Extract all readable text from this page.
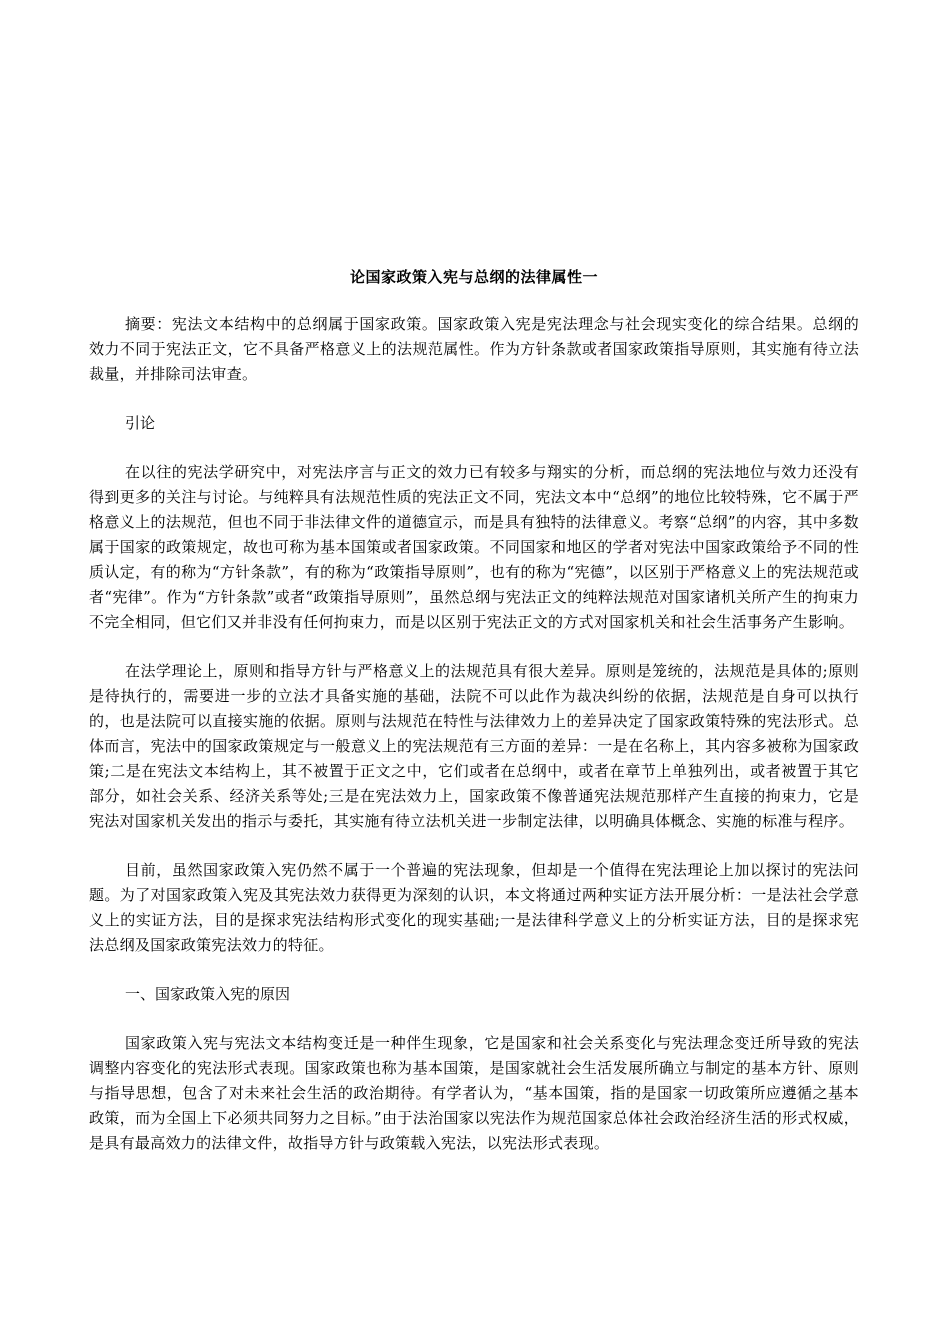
论国家政策入宪与总纲的法律属性一

摘要：宪法文本结构中的总纲属于国家政策。国家政策入宪是宪法理念与社会现实变化的综合结果。总纲的效力不同于宪法正文，它不具备严格意义上的法规范属性。作为方针条款或者国家政策指导原则，其实施有待立法裁量，并排除司法审查。

引论

在以往的宪法学研究中，对宪法序言与正文的效力已有较多与翔实的分析，而总纲的宪法地位与效力还没有得到更多的关注与讨论。与纯粹具有法规范性质的宪法正文不同，宪法文本中“总纲”的地位比较特殊，它不属于严格意义上的法规范，但也不同于非法律文件的道德宣示，而是具有独特的法律意义。考察“总纲”的内容，其中多数属于国家的政策规定，故也可称为基本国策或者国家政策。不同国家和地区的学者对宪法中国家政策给予不同的性质认定，有的称为“方针条款”，有的称为“政策指导原则”，也有的称为“宪德”，以区别于严格意义上的宪法规范或者“宪律”。作为“方针条款”或者“政策指导原则”，虽然总纲与宪法正文的纯粹法规范对国家诸机关所产生的拘束力不完全相同，但它们又并非没有任何拘束力，而是以区别于宪法正文的方式对国家机关和社会生活事务产生影响。

在法学理论上，原则和指导方针与严格意义上的法规范具有很大差异。原则是笼统的，法规范是具体的;原则是待执行的，需要进一步的立法才具备实施的基础，法院不可以此作为裁决纠纷的依据，法规范是自身可以执行的，也是法院可以直接实施的依据。原则与法规范在特性与法律效力上的差异决定了国家政策特殊的宪法形式。总体而言，宪法中的国家政策规定与一般意义上的宪法规范有三方面的差异：一是在名称上，其内容多被称为国家政策;二是在宪法文本结构上，其不被置于正文之中，它们或者在总纲中，或者在章节上单独列出，或者被置于其它部分，如社会关系、经济关系等处;三是在宪法效力上，国家政策不像普通宪法规范那样产生直接的拘束力，它是宪法对国家机关发出的指示与委托，其实施有待立法机关进一步制定法律，以明确具体概念、实施的标准与程序。

目前，虽然国家政策入宪仍然不属于一个普遍的宪法现象，但却是一个值得在宪法理论上加以探讨的宪法问题。为了对国家政策入宪及其宪法效力获得更为深刻的认识，本文将通过两种实证方法开展分析：一是法社会学意义上的实证方法，目的是探求宪法结构形式变化的现实基础;一是法律科学意义上的分析实证方法，目的是探求宪法总纲及国家政策宪法效力的特征。

一、国家政策入宪的原因

国家政策入宪与宪法文本结构变迁是一种伴生现象，它是国家和社会关系变化与宪法理念变迁所导致的宪法调整内容变化的宪法形式表现。国家政策也称为基本国策，是国家就社会生活发展所确立与制定的基本方针、原则与指导思想，包含了对未来社会生活的政治期待。有学者认为，“基本国策，指的是国家一切政策所应遵循之基本政策，而为全国上下必须共同努力之目标。”由于法治国家以宪法作为规范国家总体社会政治经济生活的形式权威，是具有最高效力的法律文件，故指导方针与政策载入宪法，以宪法形式表现。
